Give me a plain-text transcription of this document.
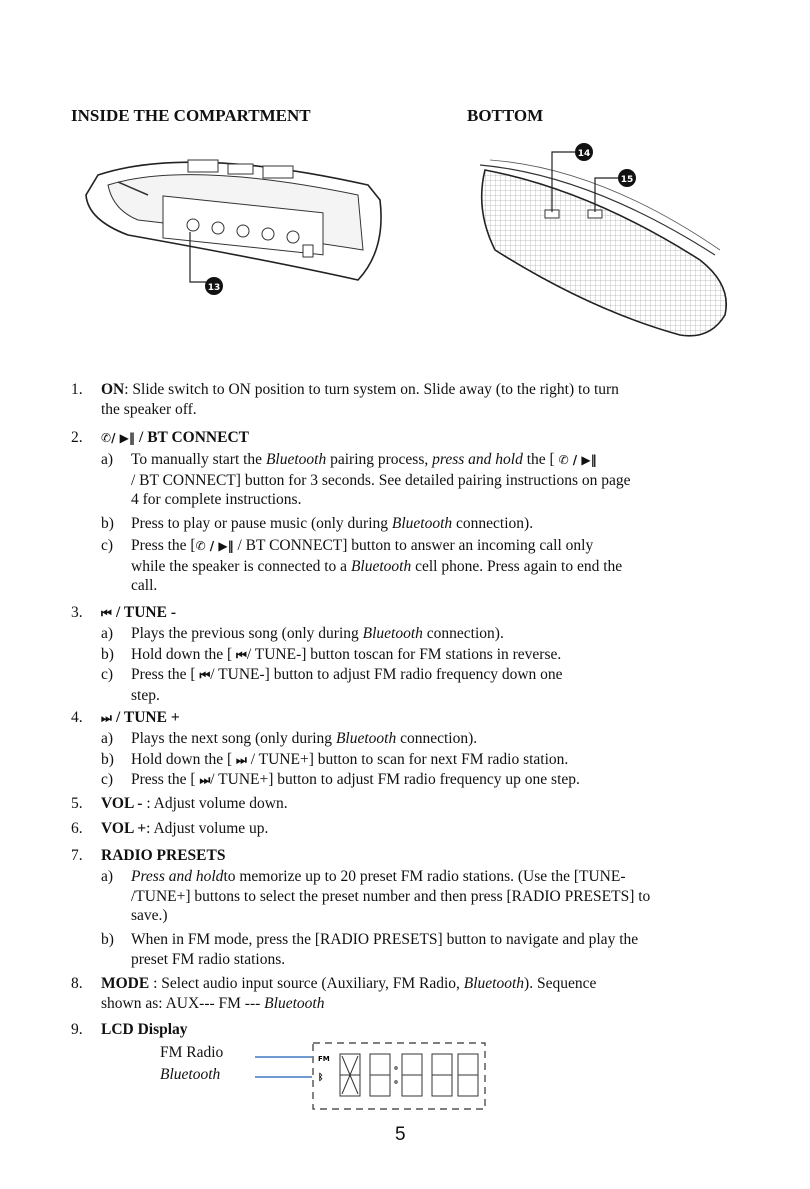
INSIDE THE COMPARTMENT	BOTTOM
13
14
15
1. ON: Slide switch to ON position to turn system on. Slide away (to the right) to turn
the speaker off.
2. ✆/ ▶‖ / BT CONNECT
a) To manually start the Bluetooth pairing process, press and hold the [ ✆ / ▶‖
/ BT CONNECT] button for 3 seconds. See detailed pairing instructions on page
4 for complete instructions.
b) Press to play or pause music (only during Bluetooth connection).
c) Press the [✆ / ▶‖ / BT CONNECT] button to answer an incoming call only
while the speaker is connected to a Bluetooth cell phone. Press again to end the
call.
3. ⏮ / TUNE -
a) Plays the previous song (only during Bluetooth connection).
b) Hold down the [ ⏮/ TUNE-] button toscan for FM stations in reverse.
c) Press the [ ⏮/ TUNE-] button to adjust FM radio frequency down one
step.
4. ⏭ / TUNE +
a) Plays the next song (only during Bluetooth connection).
b) Hold down the [ ⏭ / TUNE+] button to scan for next FM radio station.
c) Press the [ ⏭/ TUNE+] button to adjust FM radio frequency up one step.
5. VOL - : Adjust volume down.
6. VOL +: Adjust volume up.
7. RADIO PRESETS
a) Press and holdto memorize up to 20 preset FM radio stations. (Use the [TUNE-
/TUNE+] buttons to select the preset number and then press [RADIO PRESETS] to
save.)
b) When in FM mode, press the [RADIO PRESETS] button to navigate and play the
preset FM radio stations.
8. MODE : Select audio input source (Auxiliary, FM Radio, Bluetooth). Sequence
shown as: AUX--- FM --- Bluetooth
9. LCD Display
FM Radio
Bluetooth
FM
ᛒ
5
